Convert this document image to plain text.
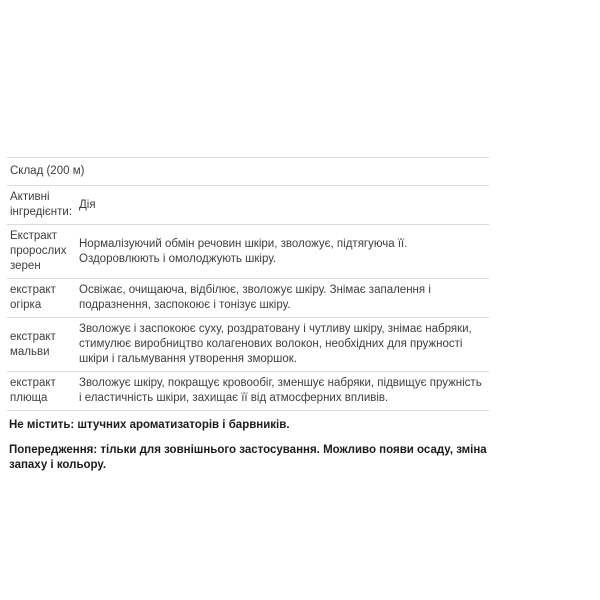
Склад (200 м)
Активні інгредієнти:	Дія
Екстракт пророслих зерен	Нормалізуючий обмін речовин шкіри, зволожує, підтягуюча її. Оздоровлюють і омолоджують шкіру.
екстракт огірка	Освіжає, очищаюча, відбілює, зволожує шкіру. Знімає запалення і подразнення, заспокоює і тонізує шкіру.
екстракт мальви	Зволожує і заспокоює суху, роздратовану і чутливу шкіру, знімає набряки, стимулює виробництво колагенових волокон, необхідних для пружності шкіри і гальмування утворення зморшок.
екстракт плюща	Зволожує шкіру, покращує кровообіг, зменшує набряки, підвищує пружність і еластичність шкіри, захищає її від атмосферних впливів.

Не містить: штучних ароматизаторів і барвників.

Попередження: тільки для зовнішнього застосування. Можливо появи осаду, зміна запаху і кольору.
